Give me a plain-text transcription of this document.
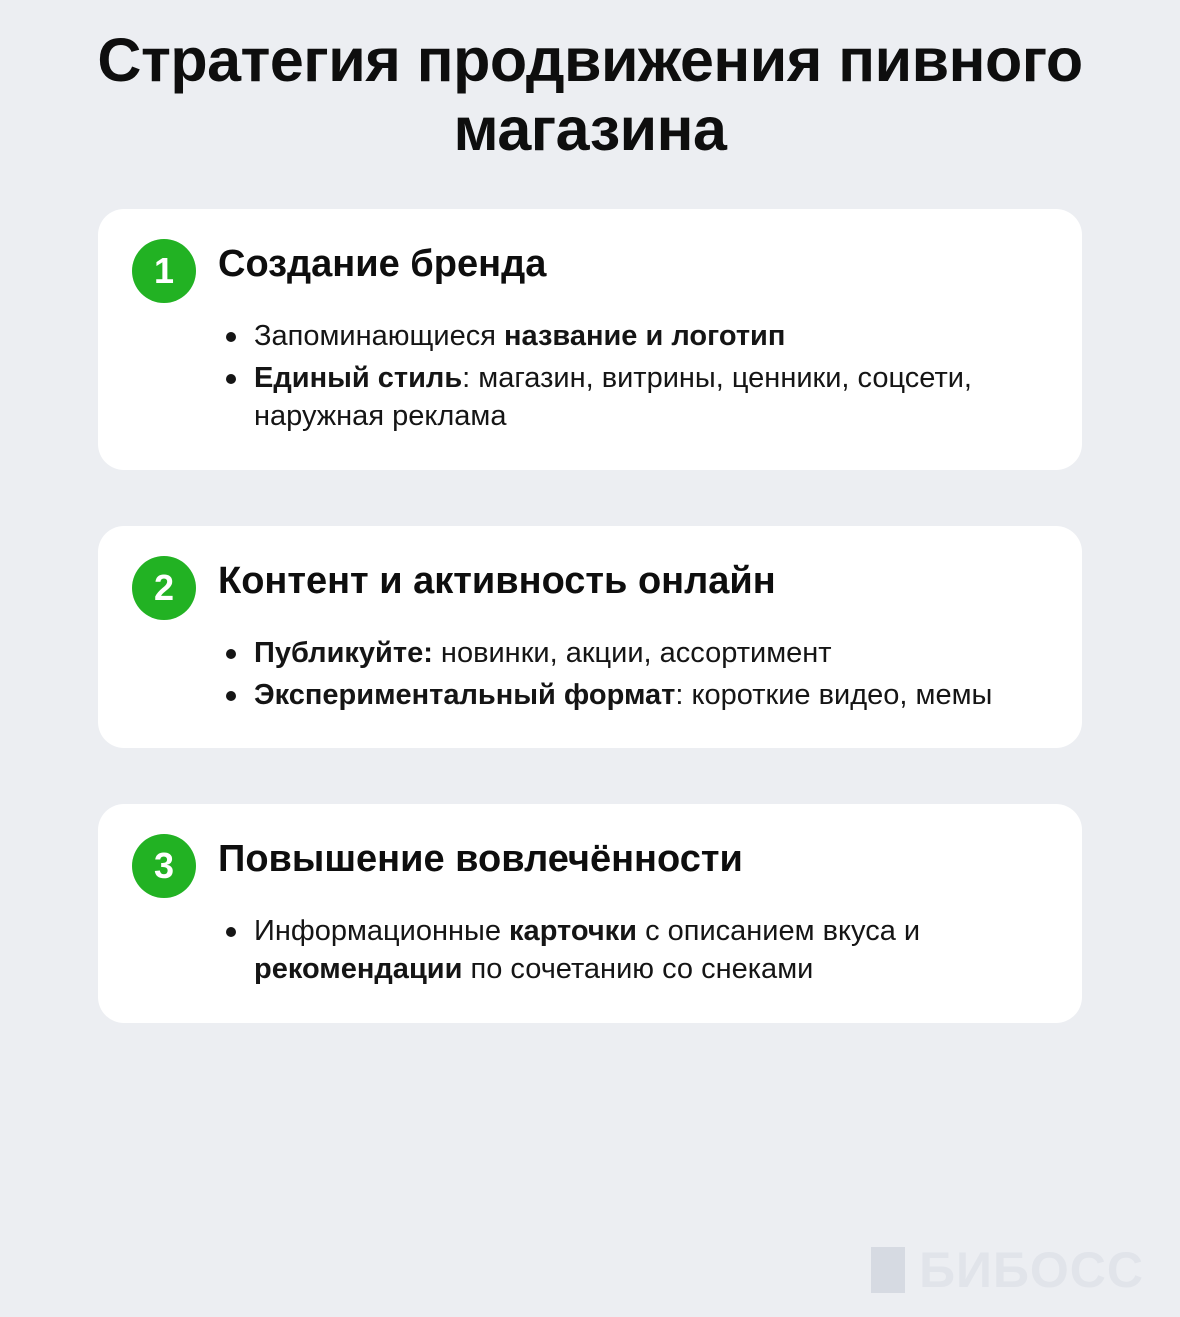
Стратегия продвижения пивного магазина
1	Создание бренда
Запоминающиеся название и логотип
Единый стиль: магазин, витрины, ценники, соцсети, наружная реклама
2	Контент и активность онлайн
Публикуйте: новинки, акции, ассортимент
Экспериментальный формат: короткие видео, мемы
3	Повышение вовлечённости
Информационные карточки с описанием вкуса и рекомендации по сочетанию со снеками
БИБОСС
